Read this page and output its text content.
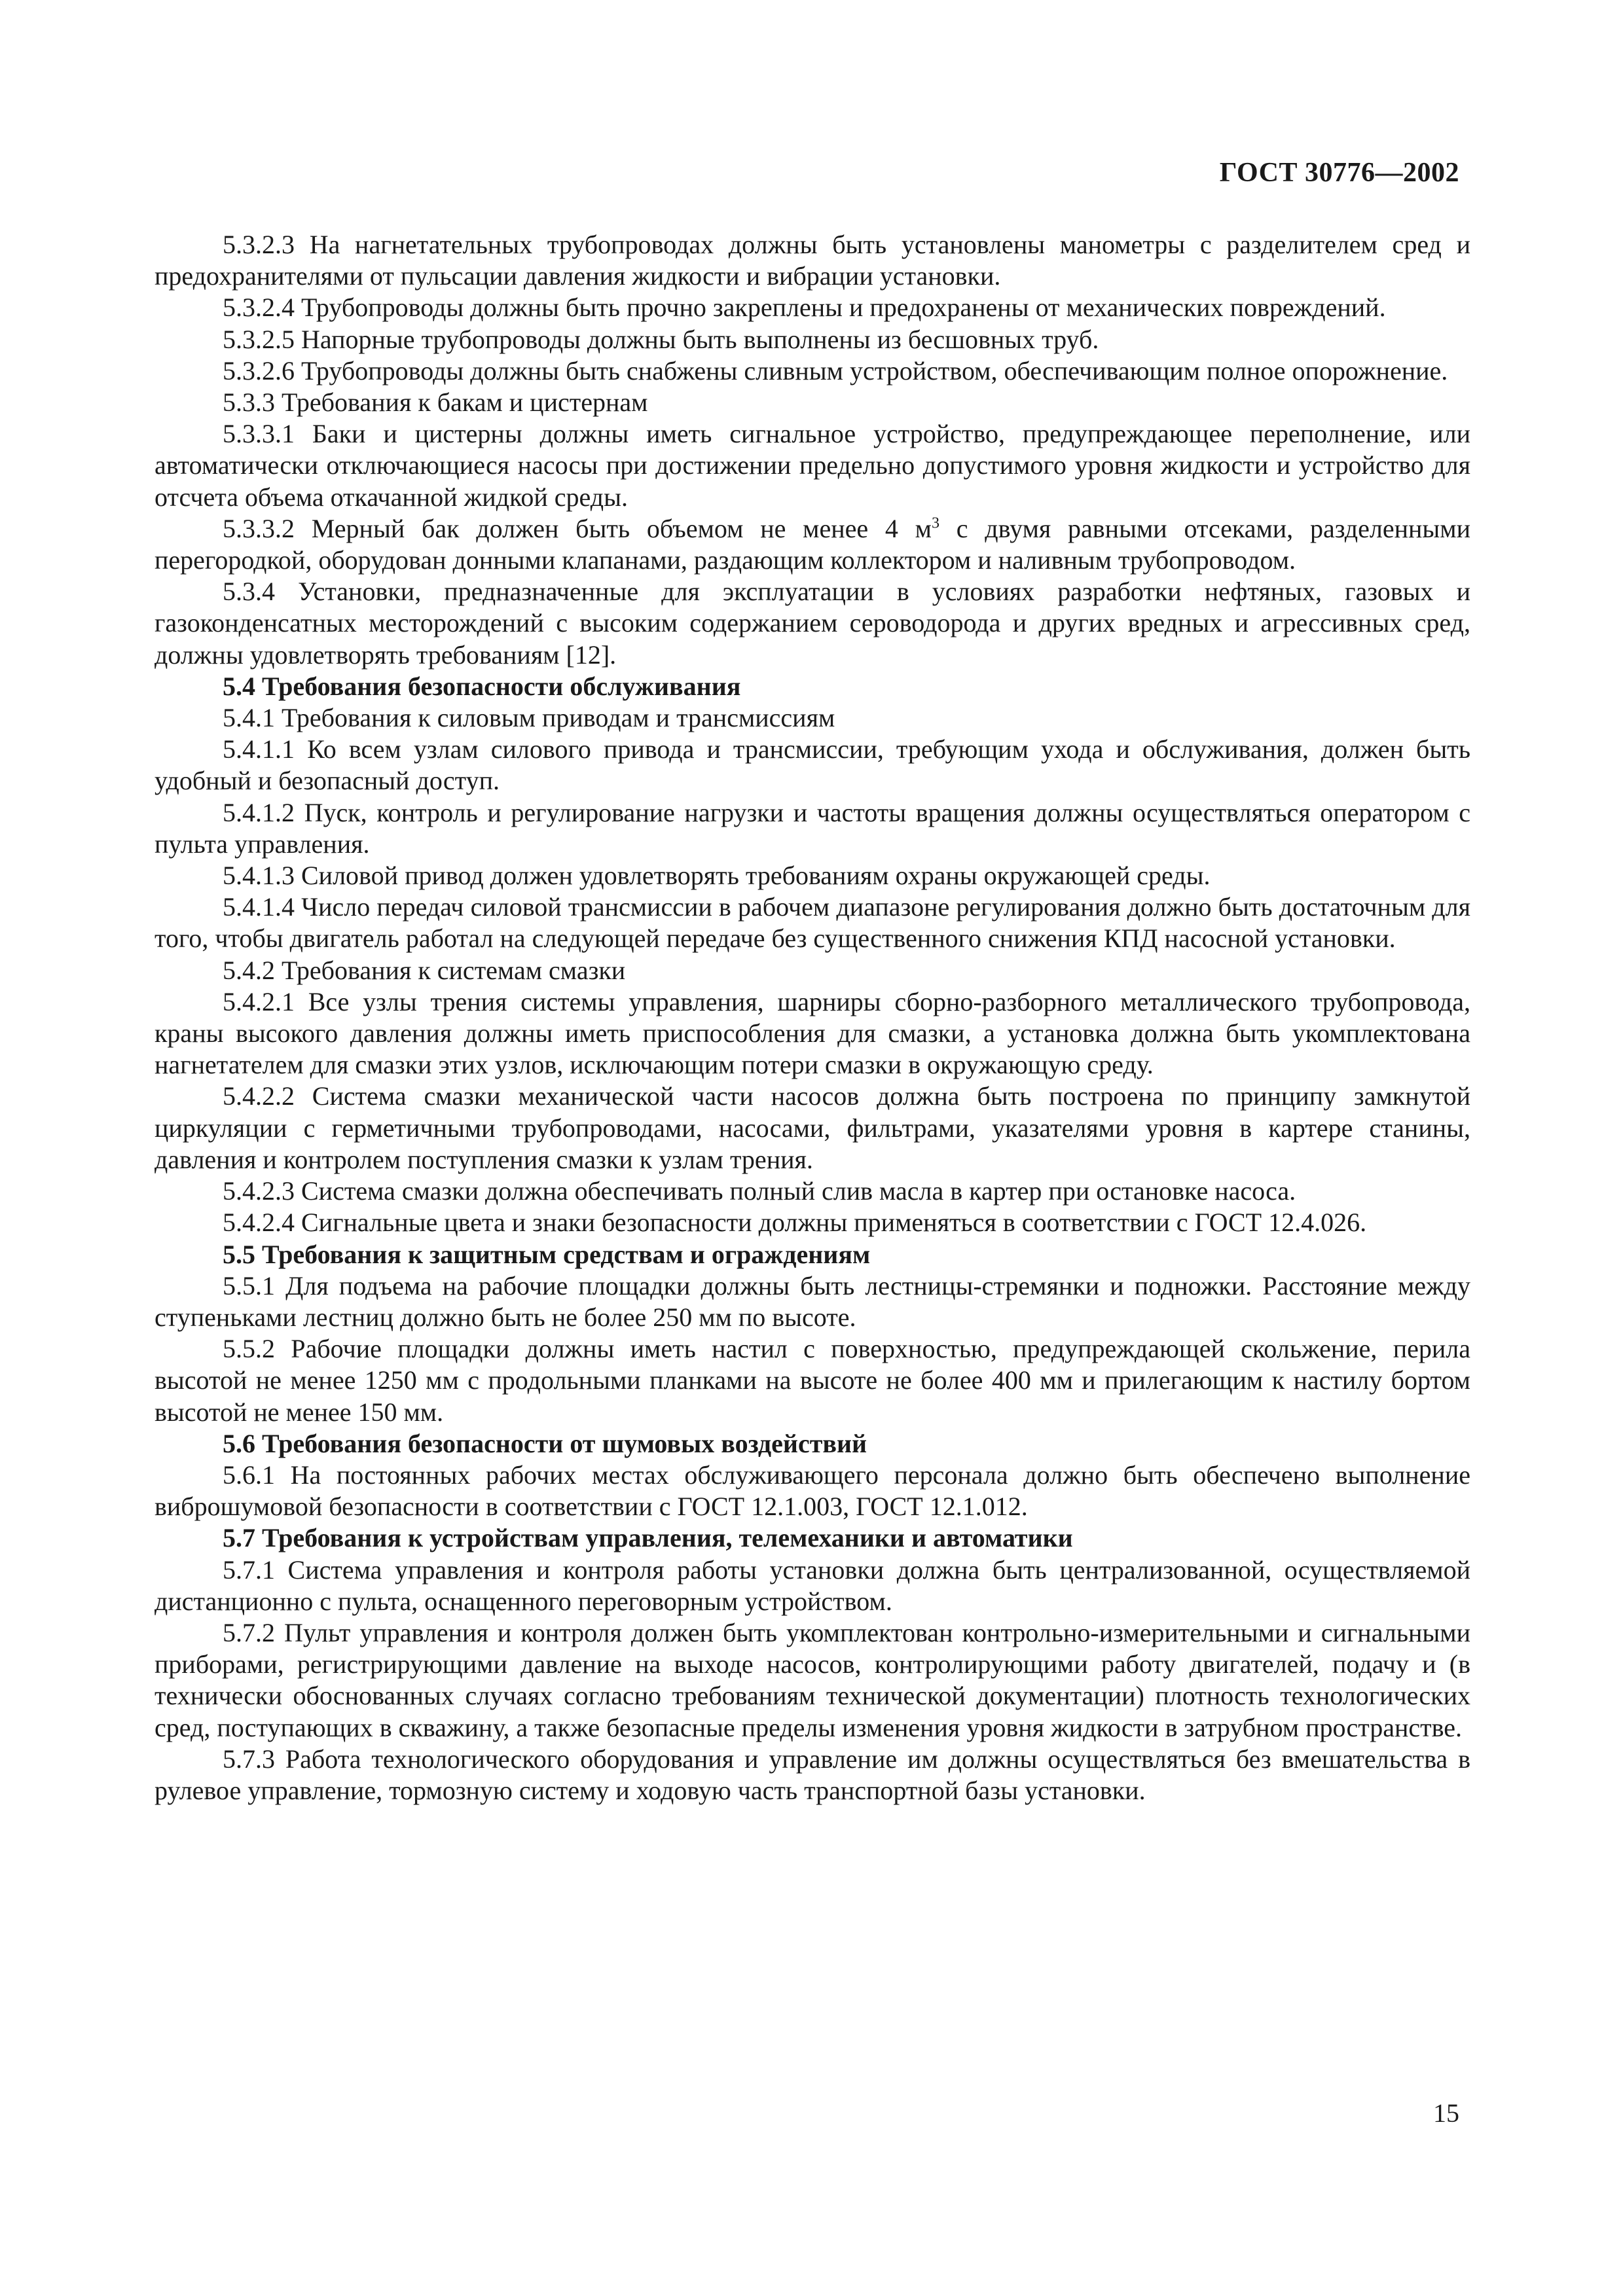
ГОСТ 30776—2002

5.3.2.3 На нагнетательных трубопроводах должны быть установлены манометры с разделителем сред и предохранителями от пульсации давления жидкости и вибрации установки.

5.3.2.4 Трубопроводы должны быть прочно закреплены и предохранены от механических повреждений.

5.3.2.5 Напорные трубопроводы должны быть выполнены из бесшовных труб.

5.3.2.6 Трубопроводы должны быть снабжены сливным устройством, обеспечивающим полное опорожнение.

5.3.3 Требования к бакам и цистернам

5.3.3.1 Баки и цистерны должны иметь сигнальное устройство, предупреждающее переполнение, или автоматически отключающиеся насосы при достижении предельно допустимого уровня жидкости и устройство для отсчета объема откачанной жидкой среды.

5.3.3.2 Мерный бак должен быть объемом не менее 4 $м^3$ с двумя равными отсеками, разделенными перегородкой, оборудован донными клапанами, раздающим коллектором и наливным трубопроводом.

5.3.4 Установки, предназначенные для эксплуатации в условиях разработки нефтяных, газовых и газоконденсатных месторождений с высоким содержанием сероводорода и других вредных и агрессивных сред, должны удовлетворять требованиям [12].

5.4 Требования безопасности обслуживания

5.4.1 Требования к силовым приводам и трансмиссиям

5.4.1.1 Ко всем узлам силового привода и трансмиссии, требующим ухода и обслуживания, должен быть удобный и безопасный доступ.

5.4.1.2 Пуск, контроль и регулирование нагрузки и частоты вращения должны осуществляться оператором с пульта управления.

5.4.1.3 Силовой привод должен удовлетворять требованиям охраны окружающей среды.

5.4.1.4 Число передач силовой трансмиссии в рабочем диапазоне регулирования должно быть достаточным для того, чтобы двигатель работал на следующей передаче без существенного снижения КПД насосной установки.

5.4.2 Требования к системам смазки

5.4.2.1 Все узлы трения системы управления, шарниры сборно-разборного металлического трубопровода, краны высокого давления должны иметь приспособления для смазки, а установка должна быть укомплектована нагнетателем для смазки этих узлов, исключающим потери смазки в окружающую среду.

5.4.2.2 Система смазки механической части насосов должна быть построена по принципу замкнутой циркуляции с герметичными трубопроводами, насосами, фильтрами, указателями уровня в картере станины, давления и контролем поступления смазки к узлам трения.

5.4.2.3 Система смазки должна обеспечивать полный слив масла в картер при остановке насоса.

5.4.2.4 Сигнальные цвета и знаки безопасности должны применяться в соответствии с ГОСТ 12.4.026.

5.5 Требования к защитным средствам и ограждениям

5.5.1 Для подъема на рабочие площадки должны быть лестницы-стремянки и подножки. Расстояние между ступеньками лестниц должно быть не более 250 мм по высоте.

5.5.2 Рабочие площадки должны иметь настил с поверхностью, предупреждающей скольжение, перила высотой не менее 1250 мм с продольными планками на высоте не более 400 мм и прилегающим к настилу бортом высотой не менее 150 мм.

5.6 Требования безопасности от шумовых воздействий

5.6.1 На постоянных рабочих местах обслуживающего персонала должно быть обеспечено выполнение виброшумовой безопасности в соответствии с ГОСТ 12.1.003, ГОСТ 12.1.012.

5.7 Требования к устройствам управления, телемеханики и автоматики

5.7.1 Система управления и контроля работы установки должна быть централизованной, осуществляемой дистанционно с пульта, оснащенного переговорным устройством.

5.7.2 Пульт управления и контроля должен быть укомплектован контрольно-измерительными и сигнальными приборами, регистрирующими давление на выходе насосов, контролирующими работу двигателей, подачу и (в технически обоснованных случаях согласно требованиям технической документации) плотность технологических сред, поступающих в скважину, а также безопасные пределы изменения уровня жидкости в затрубном пространстве.

5.7.3 Работа технологического оборудования и управление им должны осуществляться без вмешательства в рулевое управление, тормозную систему и ходовую часть транспортной базы установки.

15
